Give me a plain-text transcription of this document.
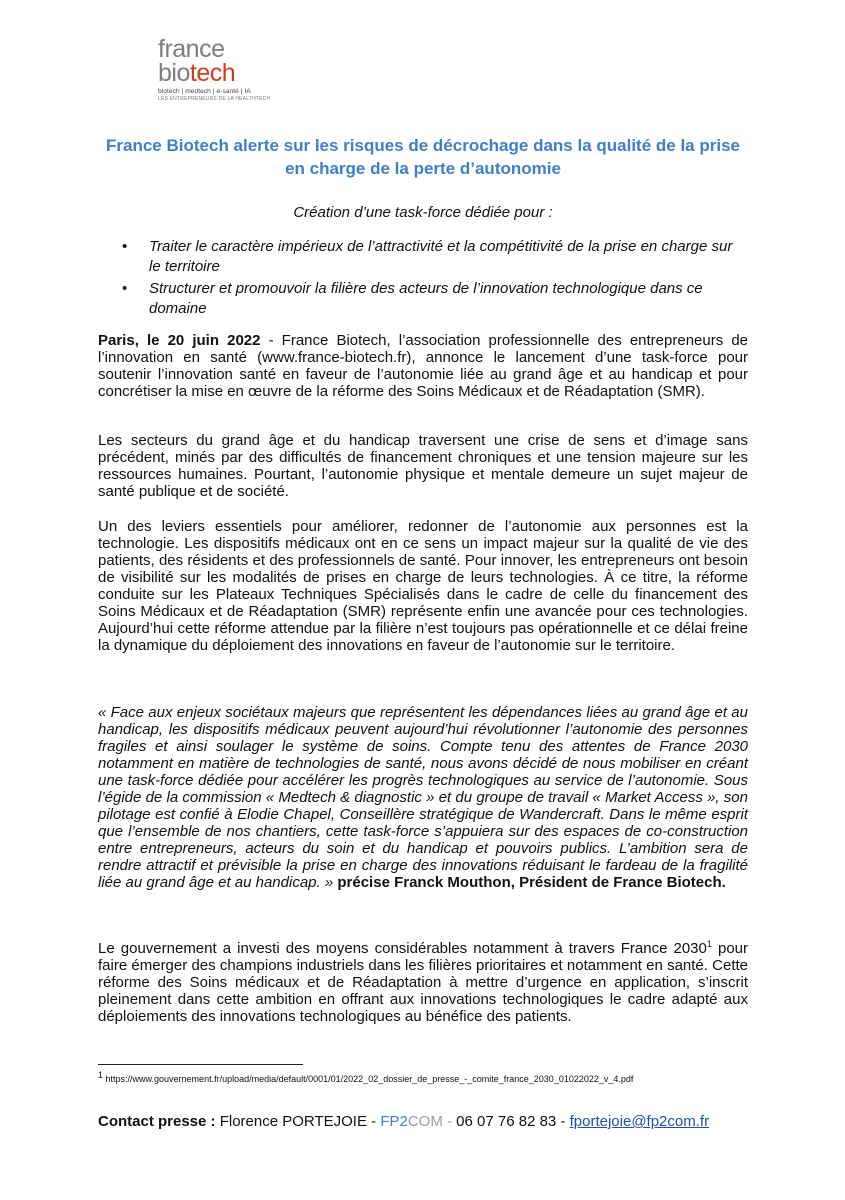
france
biotech
biotech | medtech | e-santé | IA
LES ENTREPRENEURS DE LA HEALTHTECH
France Biotech alerte sur les risques de décrochage dans la qualité de la prise en charge de la perte d’autonomie
Création d’une task-force dédiée pour :
• Traiter le caractère impérieux de l’attractivité et la compétitivité de la prise en charge sur le territoire
• Structurer et promouvoir la filière des acteurs de l’innovation technologique dans ce domaine
Paris, le 20 juin 2022 - France Biotech, l’association professionnelle des entrepreneurs de l’innovation en santé (www.france-biotech.fr), annonce le lancement d’une task-force pour soutenir l’innovation santé en faveur de l’autonomie liée au grand âge et au handicap et pour concrétiser la mise en œuvre de la réforme des Soins Médicaux et de Réadaptation (SMR).
Les secteurs du grand âge et du handicap traversent une crise de sens et d’image sans précédent, minés par des difficultés de financement chroniques et une tension majeure sur les ressources humaines. Pourtant, l’autonomie physique et mentale demeure un sujet majeur de santé publique et de société.
Un des leviers essentiels pour améliorer, redonner de l’autonomie aux personnes est la technologie. Les dispositifs médicaux ont en ce sens un impact majeur sur la qualité de vie des patients, des résidents et des professionnels de santé. Pour innover, les entrepreneurs ont besoin de visibilité sur les modalités de prises en charge de leurs technologies. À ce titre, la réforme conduite sur les Plateaux Techniques Spécialisés dans le cadre de celle du financement des Soins Médicaux et de Réadaptation (SMR) représente enfin une avancée pour ces technologies. Aujourd’hui cette réforme attendue par la filière n’est toujours pas opérationnelle et ce délai freine la dynamique du déploiement des innovations en faveur de l’autonomie sur le territoire.
« Face aux enjeux sociétaux majeurs que représentent les dépendances liées au grand âge et au handicap, les dispositifs médicaux peuvent aujourd’hui révolutionner l’autonomie des personnes fragiles et ainsi soulager le système de soins. Compte tenu des attentes de France 2030 notamment en matière de technologies de santé, nous avons décidé de nous mobiliser en créant une task-force dédiée pour accélérer les progrès technologiques au service de l’autonomie. Sous l’égide de la commission « Medtech & diagnostic » et du groupe de travail « Market Access », son pilotage est confié à Elodie Chapel, Conseillère stratégique de Wandercraft. Dans le même esprit que l’ensemble de nos chantiers, cette task-force s’appuiera sur des espaces de co-construction entre entrepreneurs, acteurs du soin et du handicap et pouvoirs publics. L’ambition sera de rendre attractif et prévisible la prise en charge des innovations réduisant le fardeau de la fragilité liée au grand âge et au handicap. » précise Franck Mouthon, Président de France Biotech.
Le gouvernement a investi des moyens considérables notamment à travers France 2030$^1$ pour faire émerger des champions industriels dans les filières prioritaires et notamment en santé. Cette réforme des Soins médicaux et de Réadaptation à mettre d’urgence en application, s’inscrit pleinement dans cette ambition en offrant aux innovations technologiques le cadre adapté aux déploiements des innovations technologiques au bénéfice des patients.
$^1$ https://www.gouvernement.fr/upload/media/default/0001/01/2022_02_dossier_de_presse_-_comite_france_2030_01022022_v_4.pdf
Contact presse : Florence PORTEJOIE - FP2COM - 06 07 76 82 83 - fportejoie@fp2com.fr
